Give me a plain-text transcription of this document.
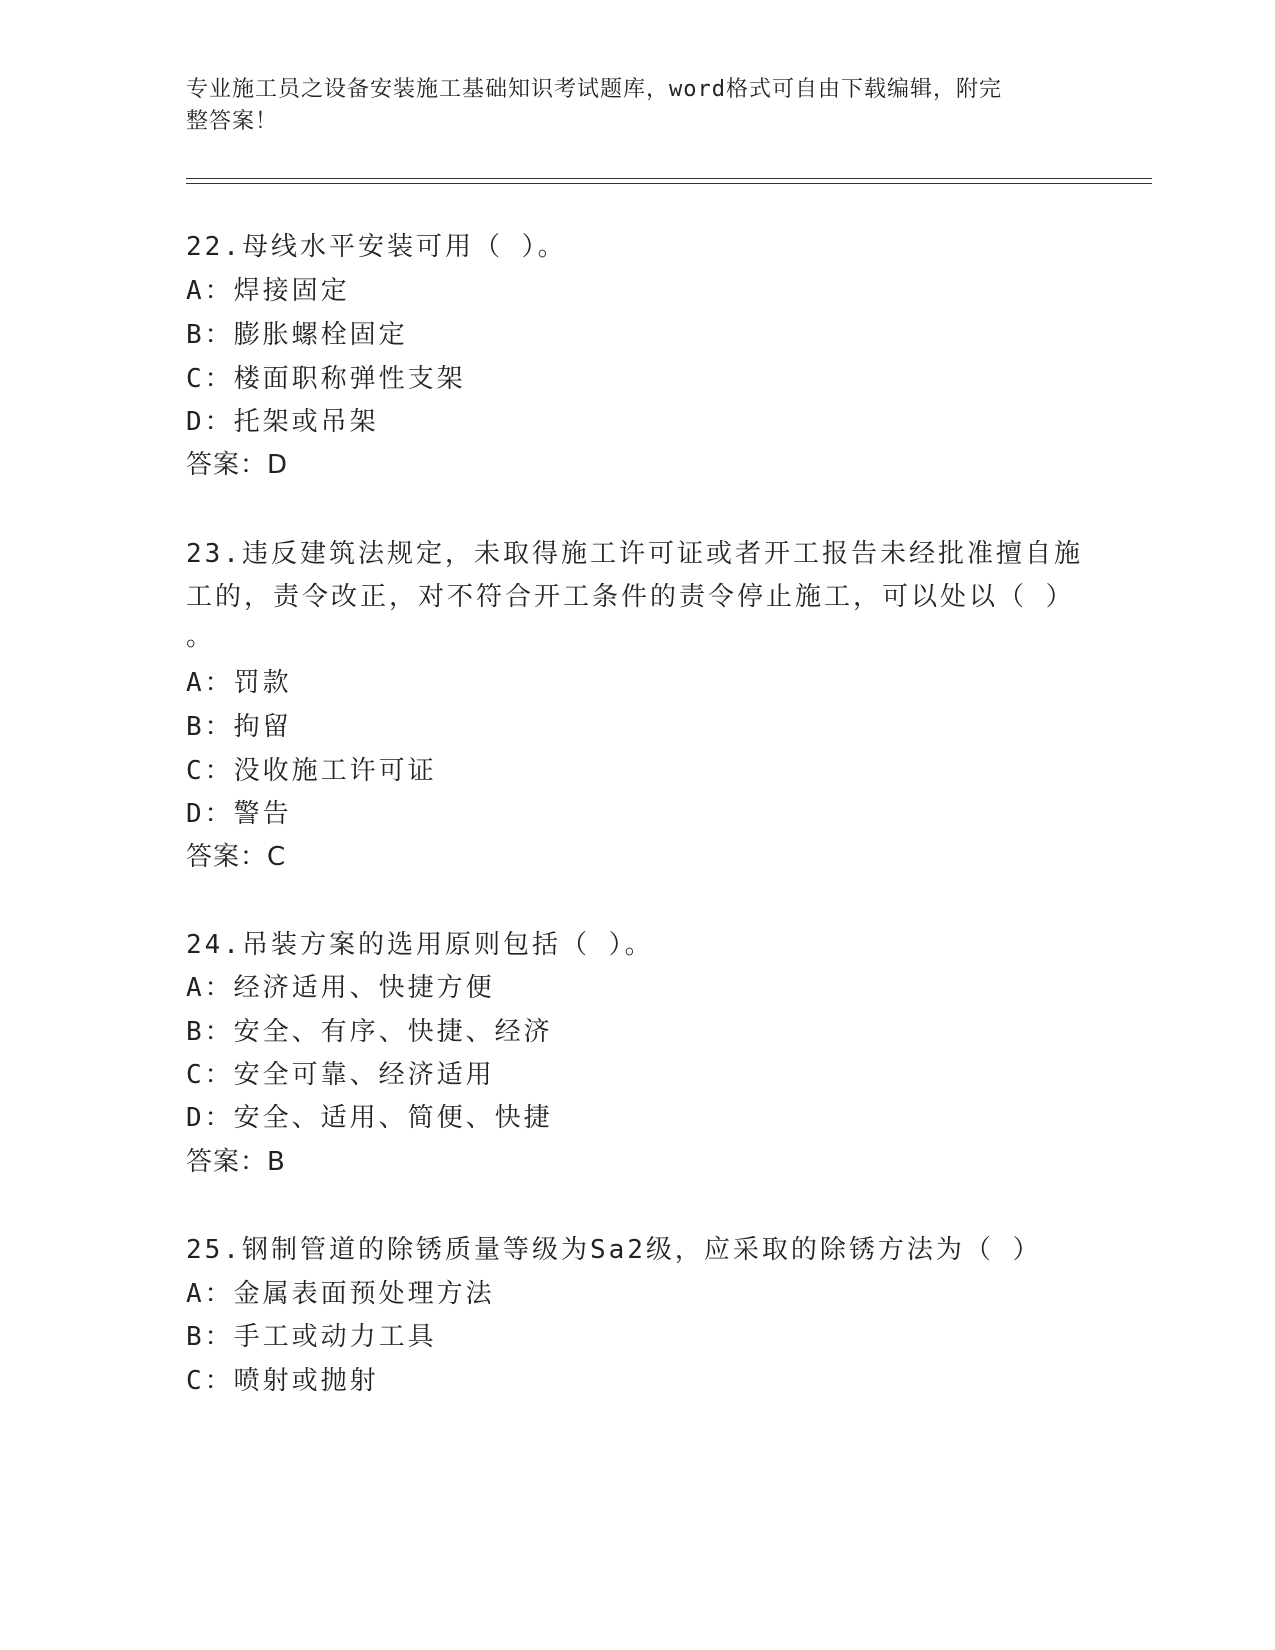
专业施工员之设备安装施工基础知识考试题库，word格式可自由下载编辑，附完
整答案！
22.母线水平安装可用（ ）。
A：焊接固定
B：膨胀螺栓固定
C：楼面职称弹性支架
D：托架或吊架
答案：D
23.违反建筑法规定，未取得施工许可证或者开工报告未经批准擅自施
工的，责令改正，对不符合开工条件的责令停止施工，可以处以（ ）
。
A：罚款
B：拘留
C：没收施工许可证
D：警告
答案：C
24.吊装方案的选用原则包括（ ）。
A：经济适用、快捷方便
B：安全、有序、快捷、经济
C：安全可靠、经济适用
D：安全、适用、简便、快捷
答案：B
25.钢制管道的除锈质量等级为Sa2级，应采取的除锈方法为（ ）
A：金属表面预处理方法
B：手工或动力工具
C：喷射或抛射
